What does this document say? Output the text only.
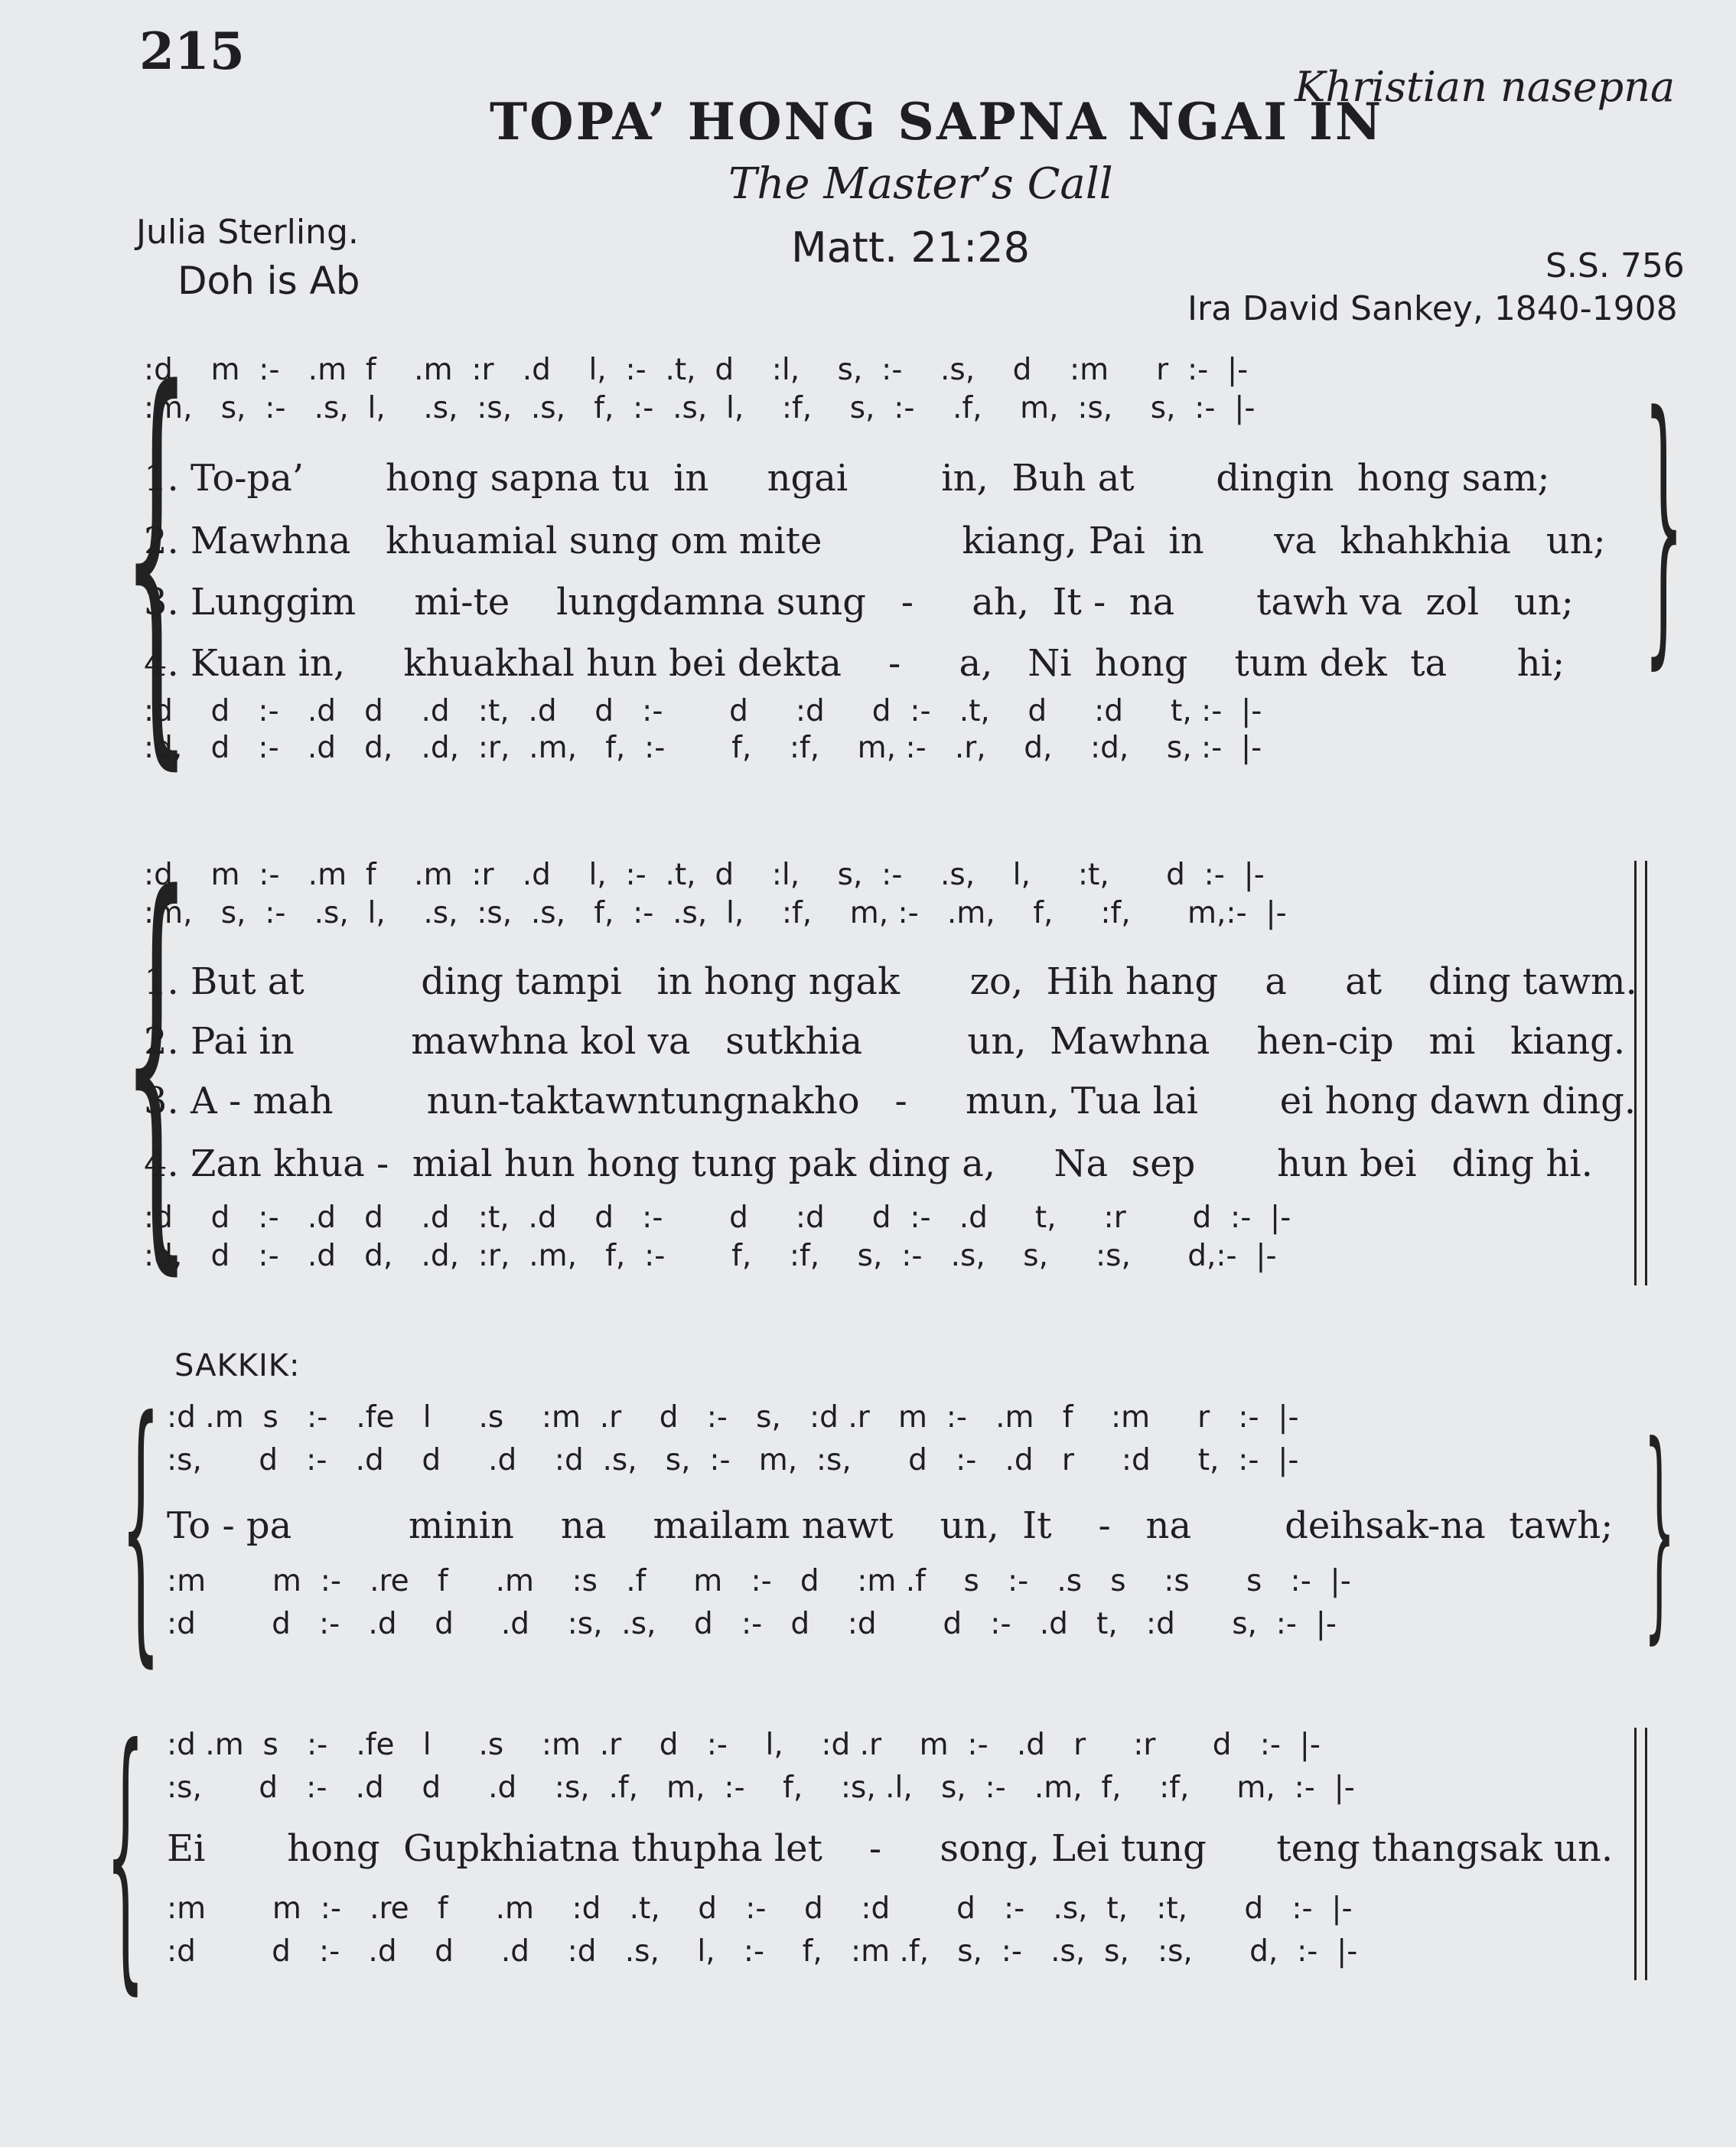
215
Khristian nasepna
TOPA’ HONG SAPNA NGAI IN
The Master’s Call
Matt. 21:28
Julia Sterling.
Doh is Ab	S.S. 756
Ira David Sankey, 1840-1908
{
:d    m  :-   .m  f    .m  :r   .d    l,  :-  .t,  d    :l,    s,  :-    .s,    d    :m     r  :-  |-
:m,   s,  :-   .s,  l,    .s,  :s,  .s,   f,  :-  .s,  l,    :f,    s,  :-    .f,    m,  :s,    s,  :-  |-
1. To-pa’       hong sapna tu  in     ngai        in,  Buh at       dingin  hong sam;
2. Mawhna   khuamial sung om mite            kiang, Pai  in      va  khahkhia   un;
3. Lunggim     mi-te    lungdamna sung   -     ah,  It -  na       tawh va  zol   un;
4. Kuan in,     khuakhal hun bei dekta    -     a,   Ni  hong    tum dek  ta      hi;
:d    d   :-   .d   d    .d   :t,  .d    d   :-       d     :d     d  :-   .t,    d     :d     t, :-  |-
:d,   d   :-   .d   d,   .d,  :r,  .m,   f,  :-       f,    :f,    m, :-   .r,    d,    :d,    s, :-  |-
}
{
:d    m  :-   .m  f    .m  :r   .d    l,  :-  .t,  d    :l,    s,  :-    .s,    l,     :t,      d  :-  |-
:m,   s,  :-   .s,  l,    .s,  :s,  .s,   f,  :-  .s,  l,    :f,    m, :-   .m,    f,     :f,      m,:-  |-
1. But at          ding tampi   in hong ngak      zo,  Hih hang    a     at    ding tawm.
2. Pai in          mawhna kol va   sutkhia         un,  Mawhna    hen-cip   mi   kiang.
3. A - mah        nun-taktawntungnakho   -     mun, Tua lai       ei hong dawn ding.
4. Zan khua -  mial hun hong tung pak ding a,     Na  sep       hun bei   ding hi.
:d    d   :-   .d   d    .d   :t,  .d    d   :-       d     :d     d  :-   .d     t,     :r       d  :-  |-
:d,   d   :-   .d   d,   .d,  :r,  .m,   f,  :-       f,    :f,    s,  :-   .s,    s,     :s,      d,:-  |-
SAKKIK:
{ :d .m  s   :-   .fe   l     .s    :m  .r    d   :-   s,   :d .r   m  :-   .m   f    :m     r   :-  |-
:s,      d   :-   .d    d     .d    :d  .s,   s,  :-   m,  :s,      d   :-   .d   r     :d     t,  :-  |-
To - pa          minin    na    mailam nawt    un,  It    -   na        deihsak-na  tawh;
:m       m  :-   .re   f     .m    :s   .f     m   :-   d    :m .f    s   :-   .s   s    :s      s   :-  |-
:d        d   :-   .d    d     .d    :s,  .s,    d   :-   d    :d       d   :-   .d   t,   :d      s,  :-  |- }
{ :d .m  s   :-   .fe   l     .s    :m  .r    d   :-    l,    :d .r    m  :-   .d   r     :r      d   :-  |-
:s,      d   :-   .d    d     .d    :s,  .f,   m,  :-    f,    :s, .l,   s,  :-   .m,  f,    :f,     m,  :-  |-
Ei       hong  Gupkhiatna thupha let    -     song, Lei tung      teng thangsak un.
:m       m  :-   .re   f     .m    :d   .t,    d   :-    d    :d       d   :-   .s,  t,   :t,      d   :-  |-
:d        d   :-   .d    d     .d    :d   .s,    l,   :-    f,   :m .f,   s,  :-   .s,  s,   :s,      d,  :-  |-
